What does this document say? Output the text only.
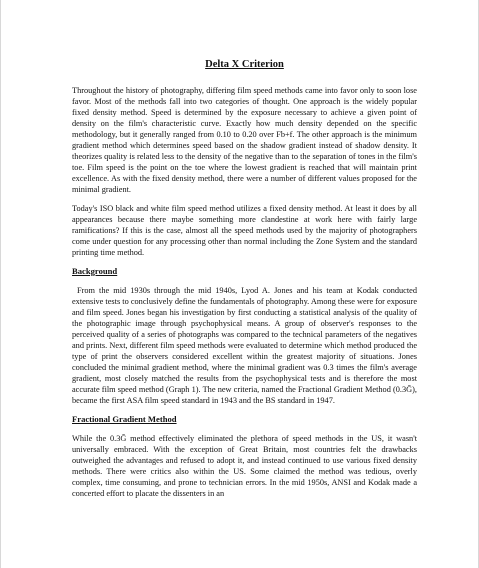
Delta X Criterion

Throughout the history of photography, differing film speed methods came into favor only to soon lose favor. Most of the methods fall into two categories of thought. One approach is the widely popular fixed density method. Speed is determined by the exposure necessary to achieve a given point of density on the film's characteristic curve. Exactly how much density depended on the specific methodology, but it generally ranged from 0.10 to 0.20 over Fb+f. The other approach is the minimum gradient method which determines speed based on the shadow gradient instead of shadow density. It theorizes quality is related less to the density of the negative than to the separation of tones in the film's toe. Film speed is the point on the toe where the lowest gradient is reached that will maintain print excellence. As with the fixed density method, there were a number of different values proposed for the minimal gradient.

Today's ISO black and white film speed method utilizes a fixed density method. At least it does by all appearances because there maybe something more clandestine at work here with fairly large ramifications? If this is the case, almost all the speed methods used by the majority of photographers come under question for any processing other than normal including the Zone System and the standard printing time method.

Background

From the mid 1930s through the mid 1940s, Lyod A. Jones and his team at Kodak conducted extensive tests to conclusively define the fundamentals of photography. Among these were for exposure and film speed. Jones began his investigation by first conducting a statistical analysis of the quality of the photographic image through psychophysical means. A group of observer's responses to the perceived quality of a series of photographs was compared to the technical parameters of the negatives and prints. Next, different film speed methods were evaluated to determine which method produced the type of print the observers considered excellent within the greatest majority of situations. Jones concluded the minimal gradient method, where the minimal gradient was 0.3 times the film's average gradient, most closely matched the results from the psychophysical tests and is therefore the most accurate film speed method (Graph 1). The new criteria, named the Fractional Gradient Method (0.3Ḡ), became the first ASA film speed standard in 1943 and the BS standard in 1947.

Fractional Gradient Method

While the 0.3Ḡ method effectively eliminated the plethora of speed methods in the US, it wasn't universally embraced. With the exception of Great Britain, most countries felt the drawbacks outweighed the advantages and refused to adopt it, and instead continued to use various fixed density methods. There were critics also within the US. Some claimed the method was tedious, overly complex, time consuming, and prone to technician errors. In the mid 1950s, ANSI and Kodak made a concerted effort to placate the dissenters in an
